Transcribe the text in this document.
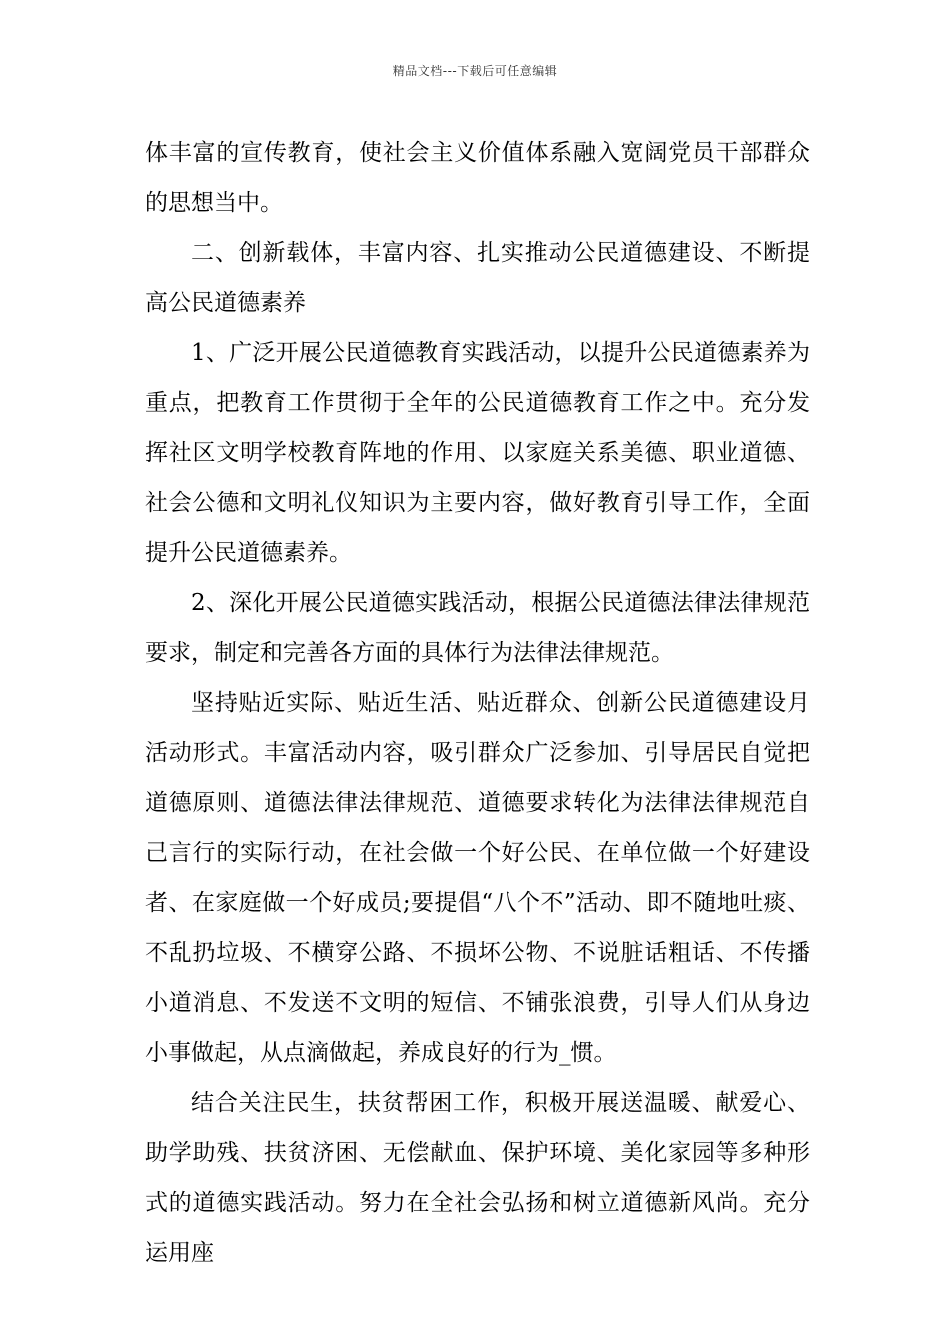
精品文档---下载后可任意编辑

体丰富的宣传教育，使社会主义价值体系融入宽阔党员干部群众的思想当中。

二、创新载体，丰富内容、扎实推动公民道德建设、不断提高公民道德素养

1、广泛开展公民道德教育实践活动，以提升公民道德素养为重点，把教育工作贯彻于全年的公民道德教育工作之中。充分发挥社区文明学校教育阵地的作用、以家庭关系美德、职业道德、社会公德和文明礼仪知识为主要内容，做好教育引导工作，全面提升公民道德素养。

2、深化开展公民道德实践活动，根据公民道德法律法律规范要求，制定和完善各方面的具体行为法律法律规范。

坚持贴近实际、贴近生活、贴近群众、创新公民道德建设月活动形式。丰富活动内容，吸引群众广泛参加、引导居民自觉把道德原则、道德法律法律规范、道德要求转化为法律法律规范自己言行的实际行动，在社会做一个好公民、在单位做一个好建设者、在家庭做一个好成员;要提倡“八个不”活动、即不随地吐痰、不乱扔垃圾、不横穿公路、不损坏公物、不说脏话粗话、不传播小道消息、不发送不文明的短信、不铺张浪费，引导人们从身边小事做起，从点滴做起，养成良好的行为_惯。

结合关注民生，扶贫帮困工作，积极开展送温暖、献爱心、助学助残、扶贫济困、无偿献血、保护环境、美化家园等多种形式的道德实践活动。努力在全社会弘扬和树立道德新风尚。充分运用座
